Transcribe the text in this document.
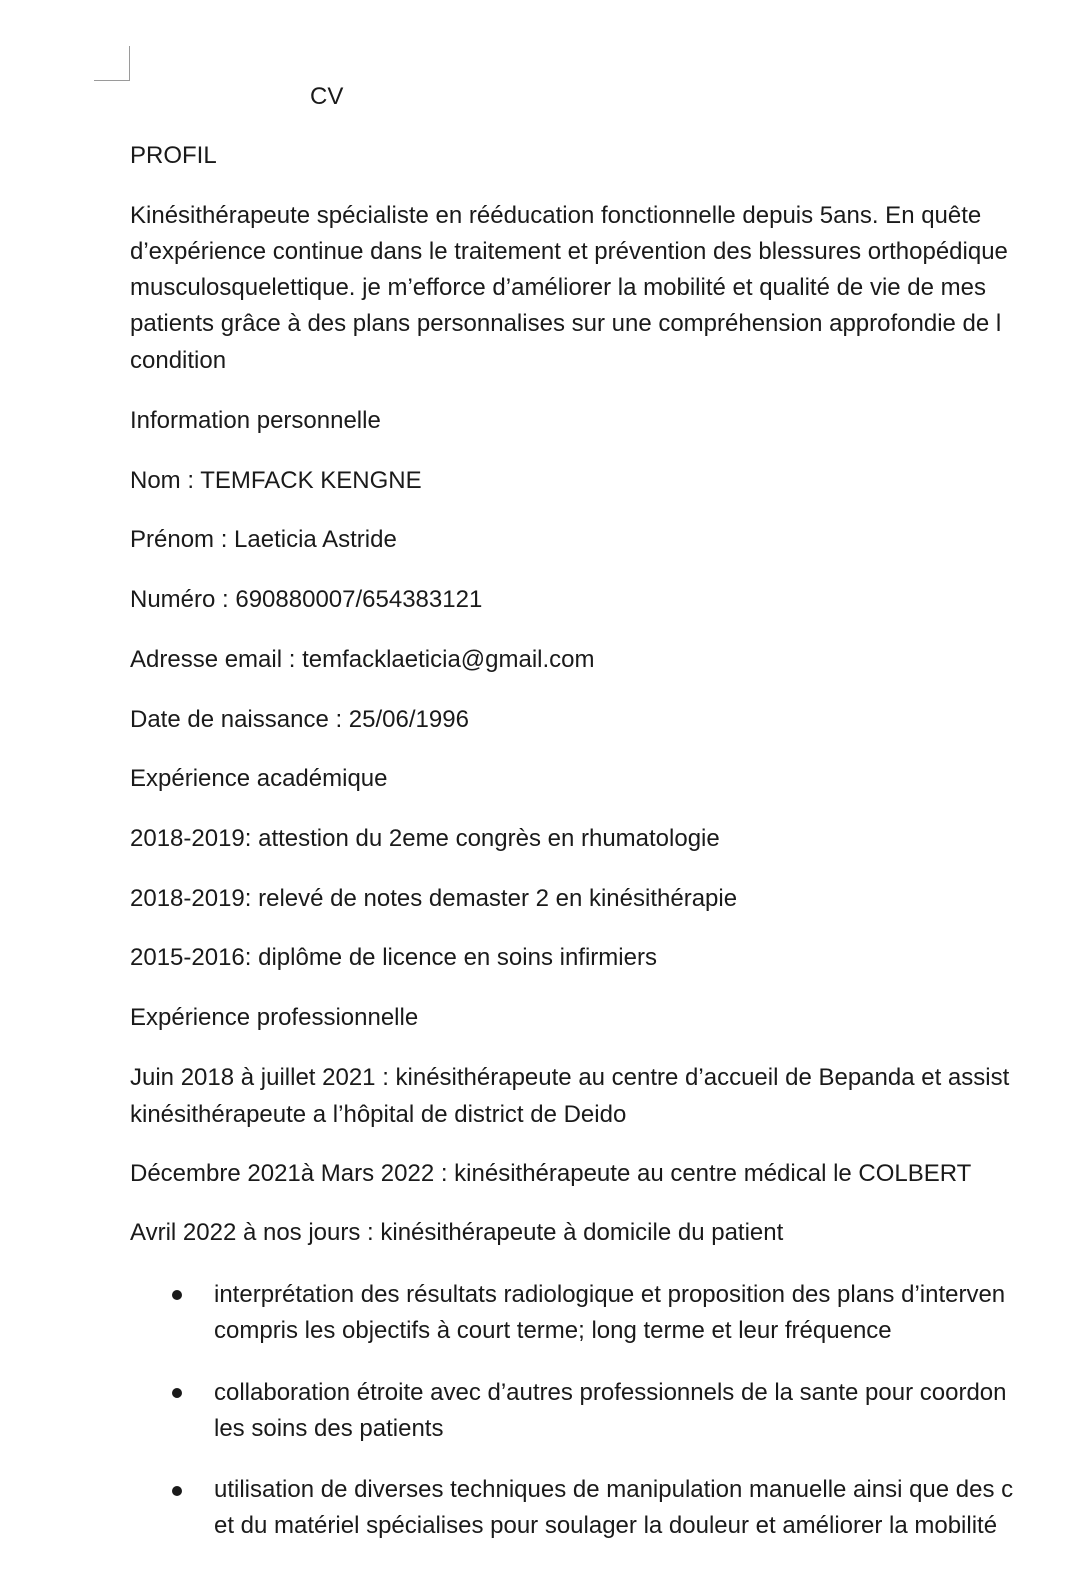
CV
PROFIL
Kinésithérapeute spécialiste en rééducation fonctionnelle depuis 5ans. En quête
d’expérience continue dans le traitement et prévention des blessures orthopédique
musculosquelettique. je m’efforce d’améliorer la mobilité et qualité de vie de mes
patients grâce à des plans personnalises sur une compréhension approfondie de l
condition
Information personnelle
Nom : TEMFACK KENGNE
Prénom : Laeticia Astride
Numéro : 690880007/654383121
Adresse email : temfacklaeticia@gmail.com
Date de naissance : 25/06/1996
Expérience académique
2018-2019: attestion du 2eme congrès en rhumatologie
2018-2019: relevé de notes demaster 2 en kinésithérapie
2015-2016: diplôme de licence en soins infirmiers
Expérience professionnelle
Juin 2018 à juillet 2021 : kinésithérapeute au centre d’accueil de Bepanda et assist
kinésithérapeute a l’hôpital de district de Deido
Décembre 2021à Mars 2022 : kinésithérapeute au centre médical le COLBERT
Avril 2022 à nos jours : kinésithérapeute à domicile du patient
interprétation des résultats radiologique et proposition des plans d’interven
compris les objectifs à court terme; long terme et leur fréquence
collaboration étroite avec d’autres professionnels de la sante pour coordon
les soins des patients
utilisation de diverses techniques de manipulation manuelle ainsi que des c
et du matériel spécialises pour soulager la douleur et améliorer la mobilité
